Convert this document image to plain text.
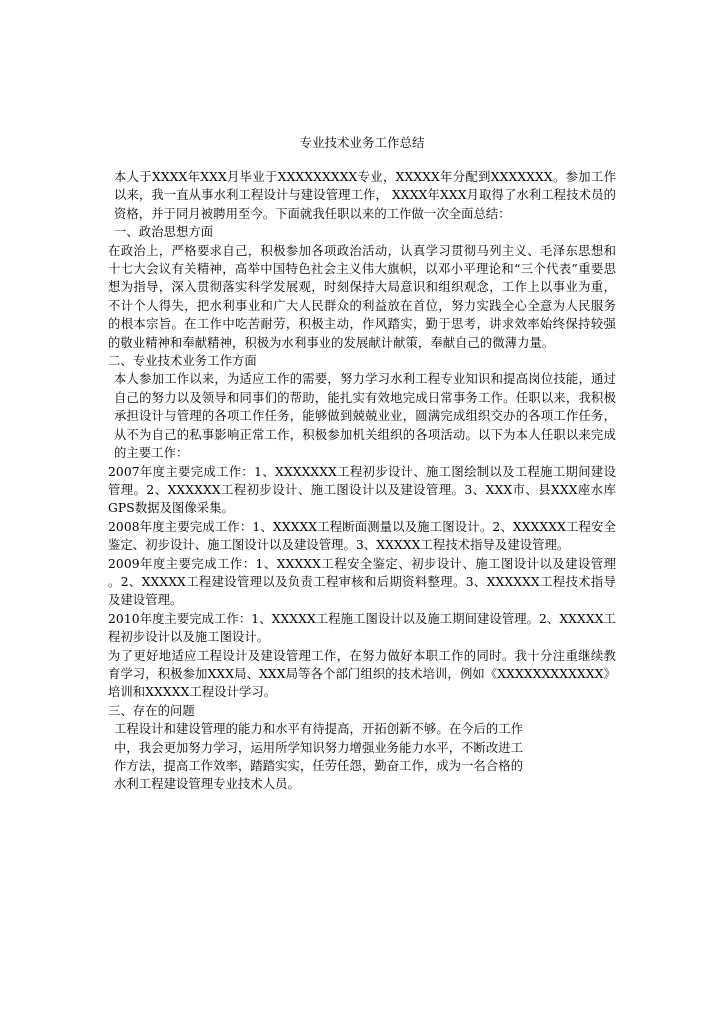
专业技术业务工作总结

本人于XXXX年XXX月毕业于XXXXXXXXX专业，XXXXX年分配到XXXXXXX。参加工作以来，我一直从事水利工程设计与建设管理工作， XXXX年XXX月取得了水利工程技术员的资格，并于同月被聘用至今。下面就我任职以来的工作做一次全面总结：

一、政治思想方面

在政治上，严格要求自己，积极参加各项政治活动，认真学习贯彻马列主义、毛泽东思想和十七大会议有关精神，高举中国特色社会主义伟大旗帜，以邓小平理论和“三个代表”重要思想为指导，深入贯彻落实科学发展观，时刻保持大局意识和组织观念，工作上以事业为重，不计个人得失，把水利事业和广大人民群众的利益放在首位，努力实践全心全意为人民服务的根本宗旨。在工作中吃苦耐劳，积极主动，作风踏实，勤于思考，讲求效率始终保持较强的敬业精神和奉献精神，积极为水利事业的发展献计献策，奉献自己的微薄力量。

二、专业技术业务工作方面

本人参加工作以来，为适应工作的需要，努力学习水利工程专业知识和提高岗位技能，通过自己的努力以及领导和同事们的帮助，能扎实有效地完成日常事务工作。任职以来，我积极承担设计与管理的各项工作任务，能够做到兢兢业业，圆满完成组织交办的各项工作任务，从不为自己的私事影响正常工作，积极参加机关组织的各项活动。以下为本人任职以来完成的主要工作：

2007年度主要完成工作：1、XXXXXXX工程初步设计、施工图绘制以及工程施工期间建设管理。2、XXXXXX工程初步设计、施工图设计以及建设管理。3、XXX市、县XXX座水库GPS数据及图像采集。

2008年度主要完成工作：1、XXXXX工程断面测量以及施工图设计。2、XXXXXX工程安全鉴定、初步设计、施工图设计以及建设管理。3、XXXXX工程技术指导及建设管理。

2009年度主要完成工作：1、XXXXX工程安全鉴定、初步设计、施工图设计以及建设管理 。2、XXXXX工程建设管理以及负责工程审核和后期资料整理。3、XXXXXX工程技术指导及建设管理。

2010年度主要完成工作：1、XXXXX工程施工图设计以及施工期间建设管理。2、XXXXX工程初步设计以及施工图设计。

为了更好地适应工程设计及建设管理工作，在努力做好本职工作的同时。我十分注重继续教育学习，积极参加XXX局、XXX局等各个部门组织的技术培训，例如《XXXXXXXXXXXX》培训和XXXXX工程设计学习。

三、存在的问题

工程设计和建设管理的能力和水平有待提高，开拓创新不够。在今后的工作中，我会更加努力学习，运用所学知识努力增强业务能力水平，不断改进工作方法，提高工作效率，踏踏实实，任劳任怨，勤奋工作，成为一名合格的水利工程建设管理专业技术人员。
